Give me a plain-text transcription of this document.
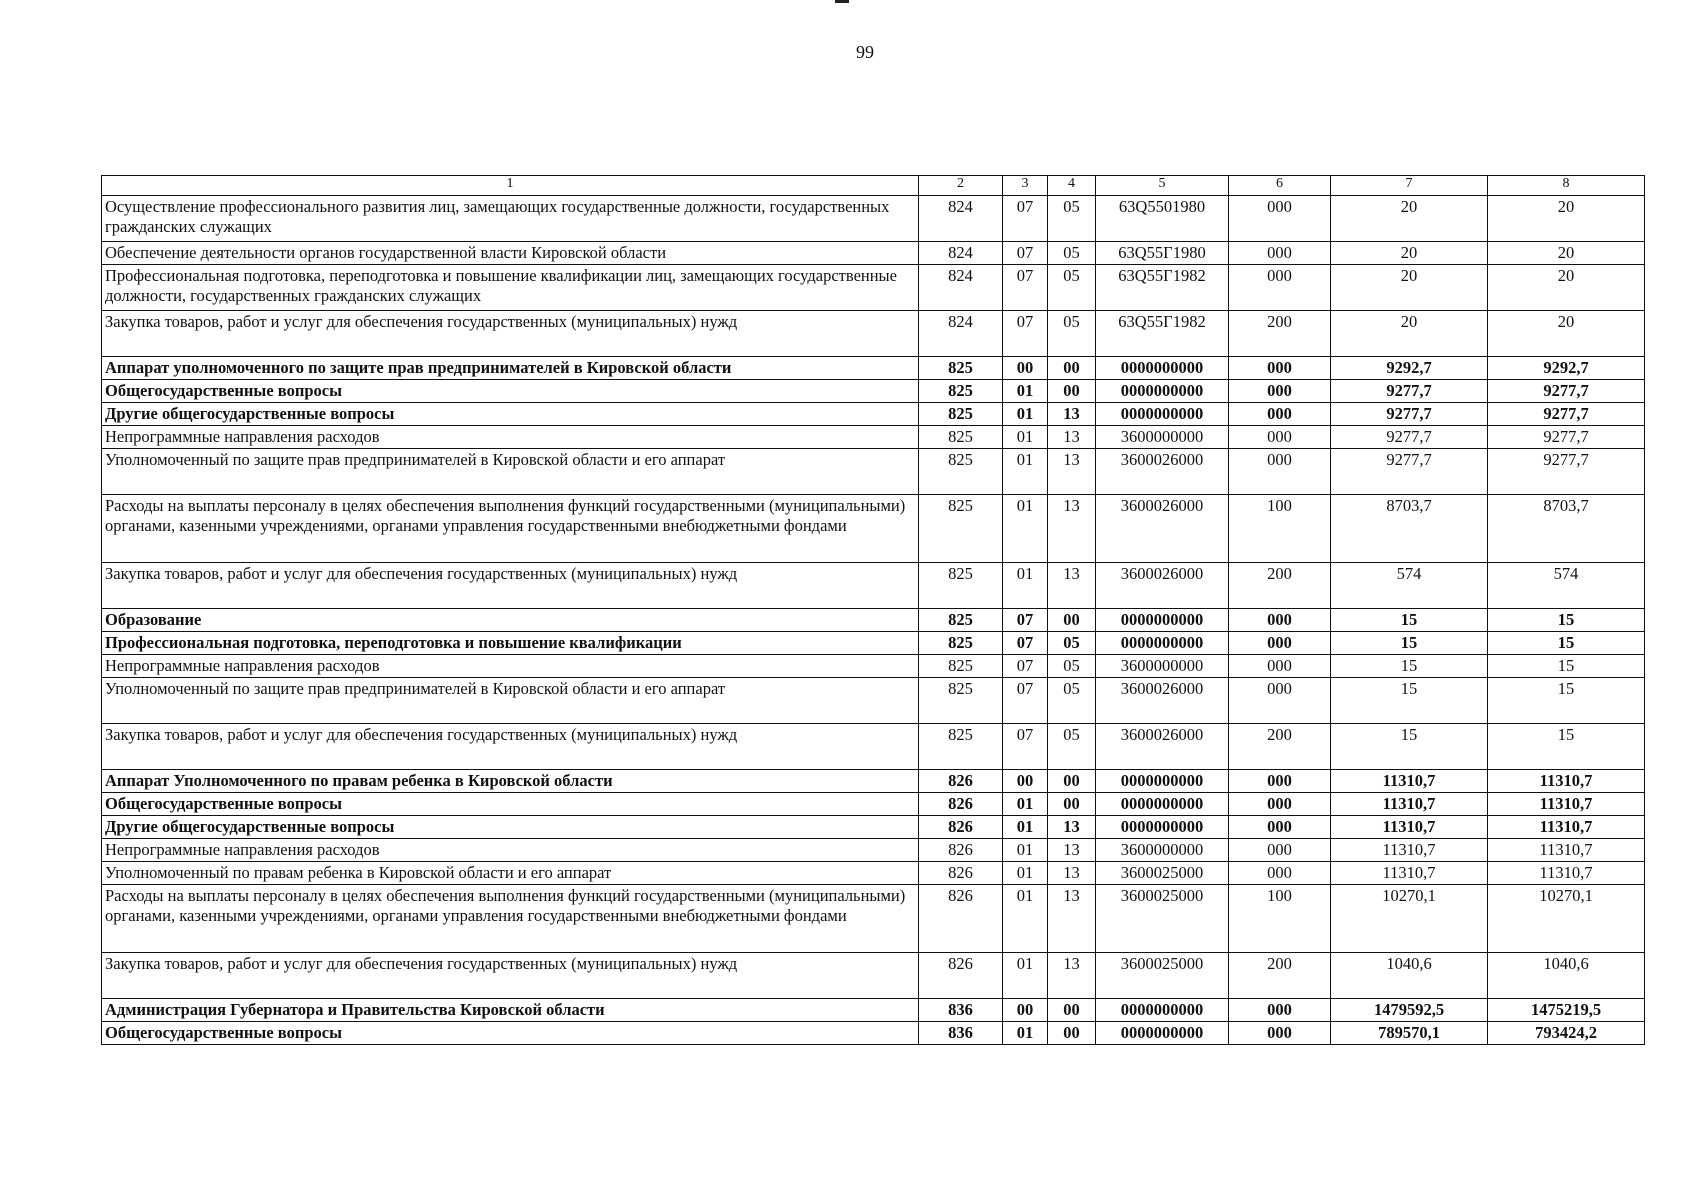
99
1	2	3	4	5	6	7	8
Осуществление профессионального развития лиц, замещающих государственные должности, государственных гражданских служащих	824	07	05	63Q5501980	000	20	20
Обеспечение деятельности органов государственной власти Кировской области	824	07	05	63Q55Г1980	000	20	20
Профессиональная подготовка, переподготовка и повышение квалификации лиц, замещающих государственные должности, государственных гражданских служащих	824	07	05	63Q55Г1982	000	20	20
Закупка товаров, работ и услуг для обеспечения государственных (муниципальных) нужд	824	07	05	63Q55Г1982	200	20	20
Аппарат уполномоченного по защите прав предпринимателей в Кировской области	825	00	00	0000000000	000	9292,7	9292,7
Общегосударственные вопросы	825	01	00	0000000000	000	9277,7	9277,7
Другие общегосударственные вопросы	825	01	13	0000000000	000	9277,7	9277,7
Непрограммные направления расходов	825	01	13	3600000000	000	9277,7	9277,7
Уполномоченный по защите прав предпринимателей в Кировской области и его аппарат	825	01	13	3600026000	000	9277,7	9277,7
Расходы на выплаты персоналу в целях обеспечения выполнения функций государственными (муниципальными) органами, казенными учреждениями, органами управления государственными внебюджетными фондами	825	01	13	3600026000	100	8703,7	8703,7
Закупка товаров, работ и услуг для обеспечения государственных (муниципальных) нужд	825	01	13	3600026000	200	574	574
Образование	825	07	00	0000000000	000	15	15
Профессиональная подготовка, переподготовка и повышение квалификации	825	07	05	0000000000	000	15	15
Непрограммные направления расходов	825	07	05	3600000000	000	15	15
Уполномоченный по защите прав предпринимателей в Кировской области и его аппарат	825	07	05	3600026000	000	15	15
Закупка товаров, работ и услуг для обеспечения государственных (муниципальных) нужд	825	07	05	3600026000	200	15	15
Аппарат Уполномоченного по правам ребенка в Кировской области	826	00	00	0000000000	000	11310,7	11310,7
Общегосударственные вопросы	826	01	00	0000000000	000	11310,7	11310,7
Другие общегосударственные вопросы	826	01	13	0000000000	000	11310,7	11310,7
Непрограммные направления расходов	826	01	13	3600000000	000	11310,7	11310,7
Уполномоченный по правам ребенка в Кировской области и его аппарат	826	01	13	3600025000	000	11310,7	11310,7
Расходы на выплаты персоналу в целях обеспечения выполнения функций государственными (муниципальными) органами, казенными учреждениями, органами управления государственными внебюджетными фондами	826	01	13	3600025000	100	10270,1	10270,1
Закупка товаров, работ и услуг для обеспечения государственных (муниципальных) нужд	826	01	13	3600025000	200	1040,6	1040,6
Администрация Губернатора и Правительства Кировской области	836	00	00	0000000000	000	1479592,5	1475219,5
Общегосударственные вопросы	836	01	00	0000000000	000	789570,1	793424,2
